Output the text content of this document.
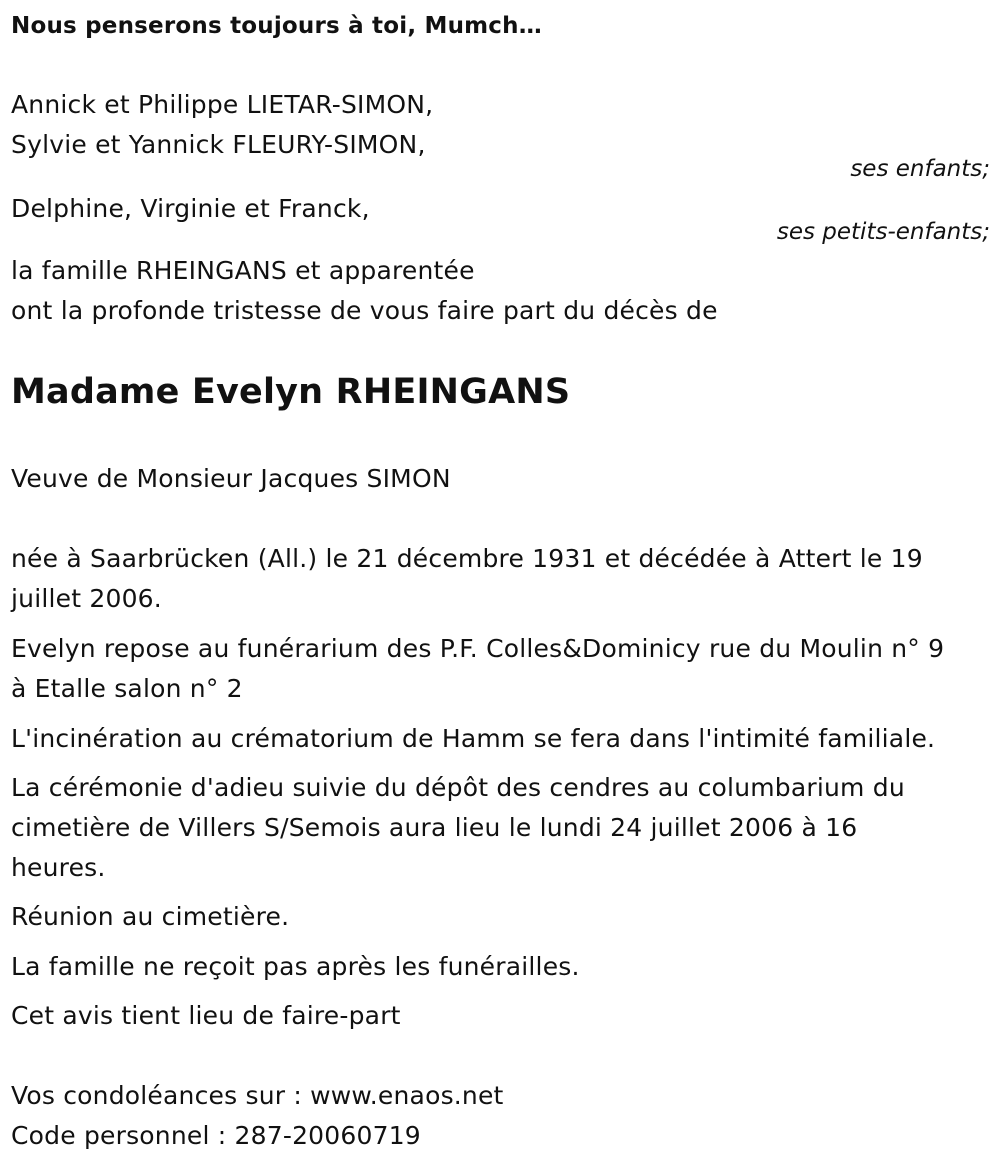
Nous penserons toujours à toi, Mumch…
Annick et Philippe LIETAR-SIMON,
Sylvie et Yannick FLEURY-SIMON,
ses enfants;
Delphine, Virginie et Franck,
ses petits-enfants;
la famille RHEINGANS et apparentée
ont la profonde tristesse de vous faire part du décès de
Madame Evelyn RHEINGANS
Veuve de Monsieur Jacques SIMON
née à Saarbrücken (All.) le 21 décembre 1931 et décédée à Attert le 19
juillet 2006.
Evelyn repose au funérarium des P.F. Colles&Dominicy rue du Moulin n° 9
à Etalle salon n° 2
L'incinération au crématorium de Hamm se fera dans l'intimité familiale.
La cérémonie d'adieu suivie du dépôt des cendres au columbarium du
cimetière de Villers S/Semois aura lieu le lundi 24 juillet 2006 à 16
heures.
Réunion au cimetière.
La famille ne reçoit pas après les funérailles.
Cet avis tient lieu de faire-part
Vos condoléances sur : www.enaos.net
Code personnel : 287-20060719
